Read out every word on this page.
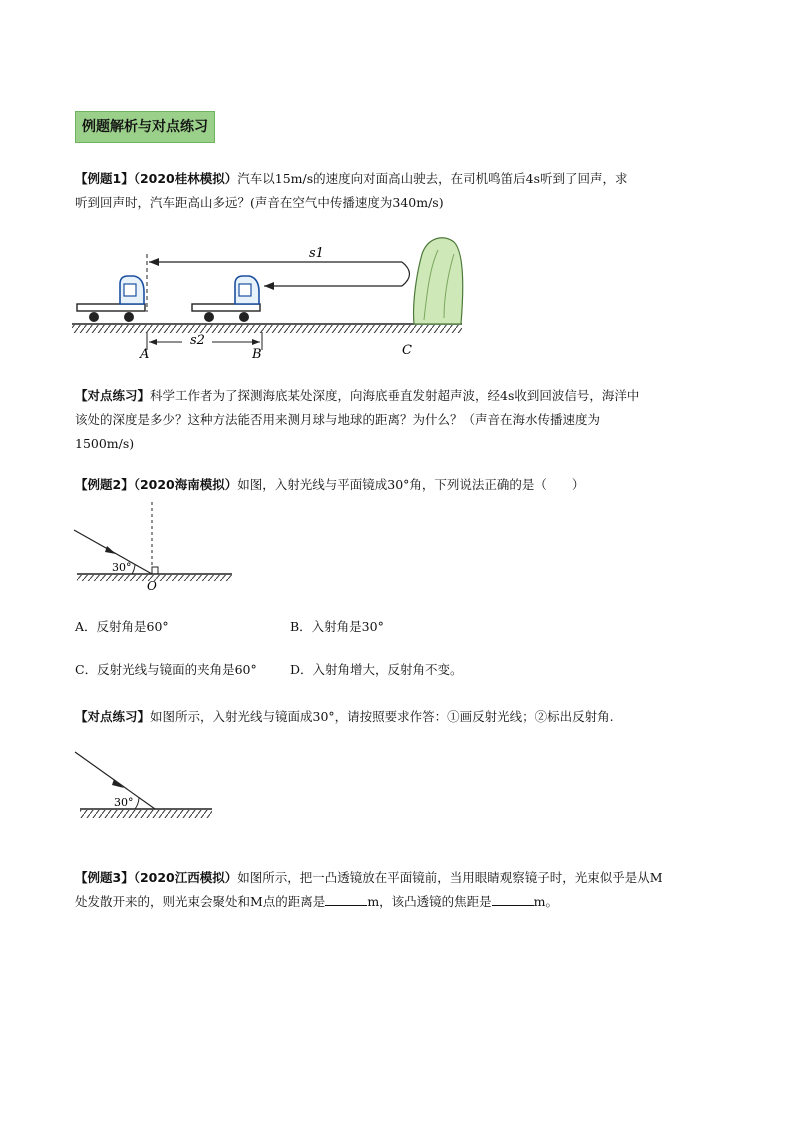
例题解析与对点练习
【例题1】（2020桂林模拟）汽车以15m/s的速度向对面高山驶去，在司机鸣笛后4s听到了回声，求
听到回声时，汽车距高山多远？(声音在空气中传播速度为340m/s)
s1
s2
A	B	C
【对点练习】科学工作者为了探测海底某处深度，向海底垂直发射超声波，经4s收到回波信号，海洋中
该处的深度是多少？这种方法能否用来测月球与地球的距离？为什么？（声音在海水传播速度为
1500m/s)
【例题2】（2020海南模拟）如图，入射光线与平面镜成30°角，下列说法正确的是（　　）
30°
O
A．反射角是60°	B．入射角是30°
C．反射光线与镜面的夹角是60°	D．入射角增大，反射角不变。
【对点练习】如图所示，入射光线与镜面成30°，请按照要求作答：①画反射光线；②标出反射角.
30°
【例题3】（2020江西模拟）如图所示，把一凸透镜放在平面镜前，当用眼睛观察镜子时，光束似乎是从M
处发散开来的，则光束会聚处和M点的距离是	m，该凸透镜的焦距是	m。
